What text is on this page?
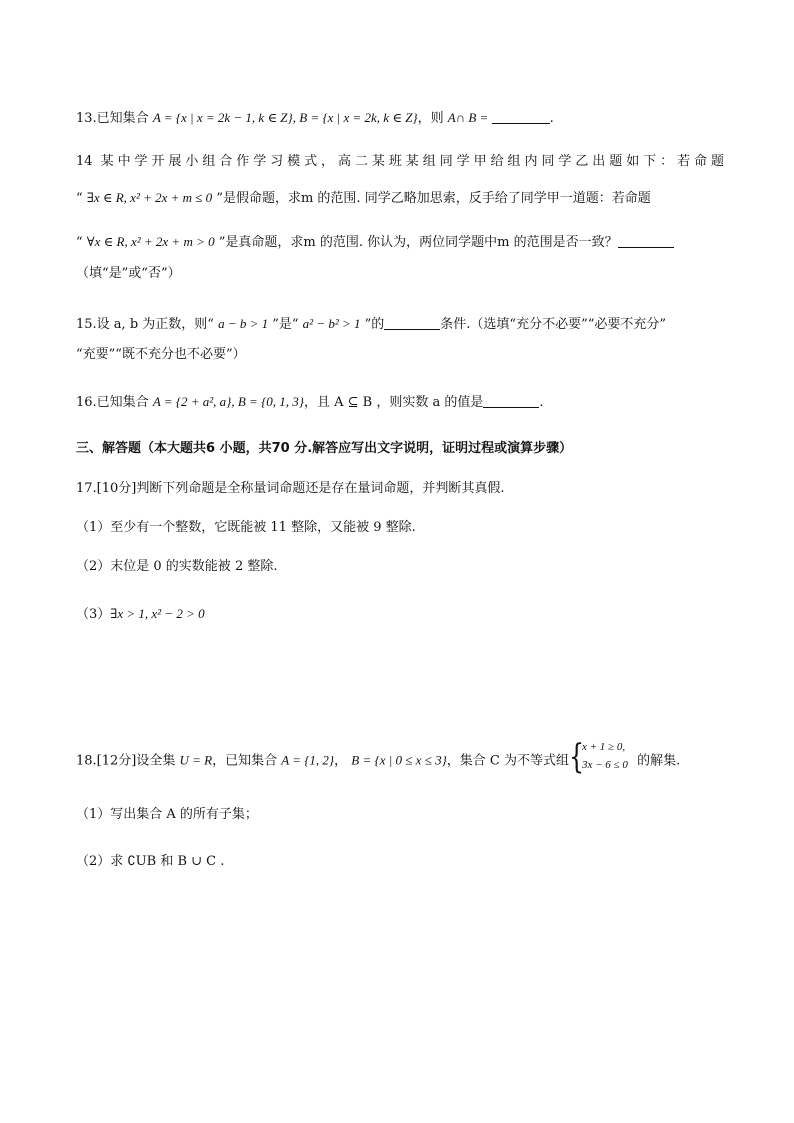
13.已知集合 A = {x | x = 2k − 1, k ∈ Z}, B = {x | x = 2k, k ∈ Z}，则 A∩ B =	.
14 某中学开展小组合作学习模式，高二某班某组同学甲给组内同学乙出题如下：若命题
“ ∃x ∈ R, x² + 2x + m ≤ 0 ”是假命题，求m 的范围. 同学乙略加思索，反手给了同学甲一道题：若命题
“ ∀x ∈ R, x² + 2x + m > 0 ”是真命题，求m 的范围. 你认为，两位同学题中m 的范围是否一致？
（填“是”或“否”）
15.设 a, b 为正数，则“ a − b > 1 ”是“ a² − b² > 1 ”的	条件.（选填“充分不必要”“必要不充分”
“充要”“既不充分也不必要”）
16.已知集合 A = {2 + a², a}, B = {0, 1, 3}，且 A ⊆ B ，则实数 a 的值是	.
三、解答题（本大题共6 小题，共70 分.解答应写出文字说明，证明过程或演算步骤）
17.[10分]判断下列命题是全称量词命题还是存在量词命题，并判断其真假.
（1）至少有一个整数，它既能被 11 整除，又能被 9 整除.
（2）末位是 0 的实数能被 2 整除.
（3）∃x > 1, x² − 2 > 0
18.[12分]设全集 U = R，已知集合 A = {1, 2}， B = {x | 0 ≤ x ≤ 3}，集合 C 为不等式组 {
x + 1 ≥ 0,
3x − 6 ≤ 0 的解集.
（1）写出集合 A 的所有子集；
（2）求 ∁UB 和 B ∪ C .
